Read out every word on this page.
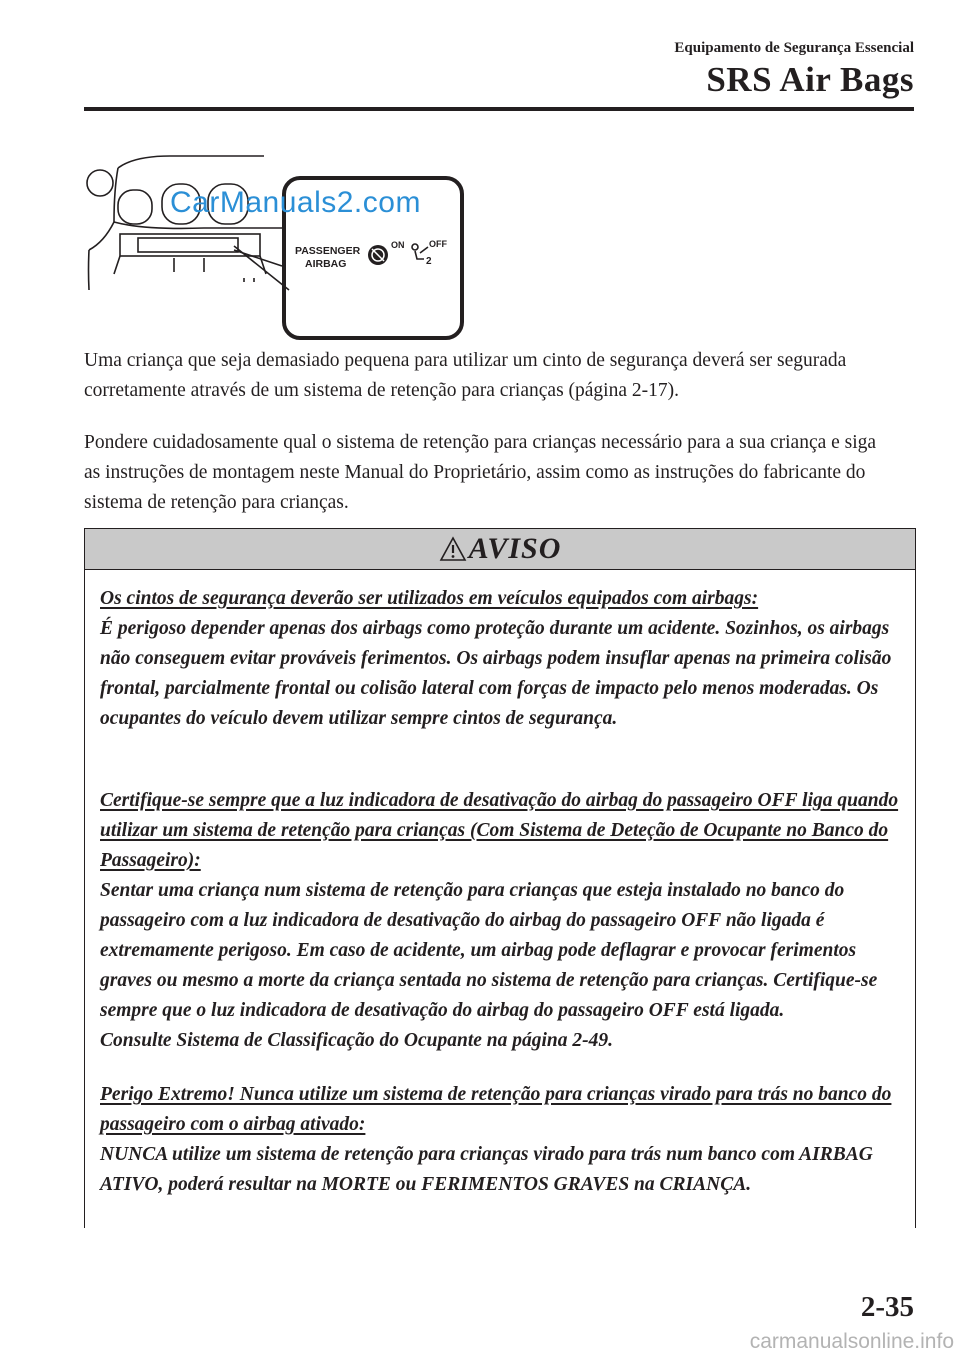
Equipamento de Segurança Essencial
SRS Air Bags
PASSENGER
AIRBAG
ON	OFF
2
CarManuals2.com

Uma criança que seja demasiado pequena para utilizar um cinto de segurança deverá ser segurada corretamente através de um sistema de retenção para crianças (página 2-17).

Pondere cuidadosamente qual o sistema de retenção para crianças necessário para a sua criança e siga as instruções de montagem neste Manual do Proprietário, assim como as instruções do fabricante do sistema de retenção para crianças.

AVISO

Os cintos de segurança deverão ser utilizados em veículos equipados com airbags:
É perigoso depender apenas dos airbags como proteção durante um acidente. Sozinhos, os airbags não conseguem evitar prováveis ferimentos. Os airbags podem insuflar apenas na primeira colisão frontal, parcialmente frontal ou colisão lateral com forças de impacto pelo menos moderadas. Os ocupantes do veículo devem utilizar sempre cintos de segurança.

Certifique-se sempre que a luz indicadora de desativação do airbag do passageiro OFF liga quando utilizar um sistema de retenção para crianças (Com Sistema de Deteção de Ocupante no Banco do Passageiro):
Sentar uma criança num sistema de retenção para crianças que esteja instalado no banco do passageiro com a luz indicadora de desativação do airbag do passageiro OFF não ligada é extremamente perigoso. Em caso de acidente, um airbag pode deflagrar e provocar ferimentos graves ou mesmo a morte da criança sentada no sistema de retenção para crianças. Certifique-se sempre que o luz indicadora de desativação do airbag do passageiro OFF está ligada.
Consulte Sistema de Classificação do Ocupante na página 2-49.

Perigo Extremo! Nunca utilize um sistema de retenção para crianças virado para trás no banco do passageiro com o airbag ativado:
NUNCA utilize um sistema de retenção para crianças virado para trás num banco com AIRBAG ATIVO, poderá resultar na MORTE ou FERIMENTOS GRAVES na CRIANÇA.

2-35
carmanualsonline.info
